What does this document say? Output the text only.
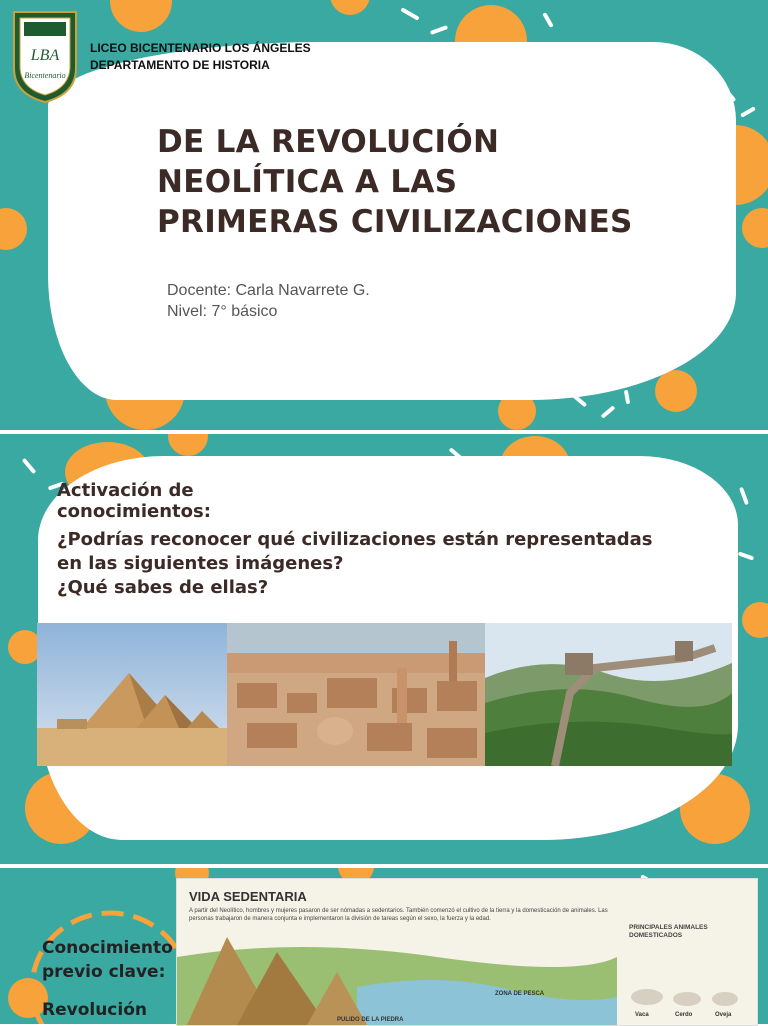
LBA
Bicentenario
LICEO BICENTENARIO LOS ÁNGELES
DEPARTAMENTO DE HISTORIA
DE LA REVOLUCIÓN
NEOLÍTICA A LAS
PRIMERAS CIVILIZACIONES
Docente: Carla Navarrete G.
Nivel: 7° básico
Activación de conocimientos:
¿Podrías reconocer qué civilizaciones están representadas
en las siguientes imágenes?
¿Qué sabes de ellas?
Conocimiento
previo clave:
Revolución
VIDA SEDENTARIA
A partir del Neolítico, hombres y mujeres pasaron de ser nómadas a sedentarios. También comenzó el cultivo de la tierra y la domesticación de animales. Las personas trabajaron de manera conjunta e implementaron la división de tareas según el sexo, la fuerza y la edad.
PRINCIPALES ANIMALES
DOMESTICADOS
Vaca	Cerdo	Oveja
ZONA DE PESCA
PULIDO DE LA PIEDRA
